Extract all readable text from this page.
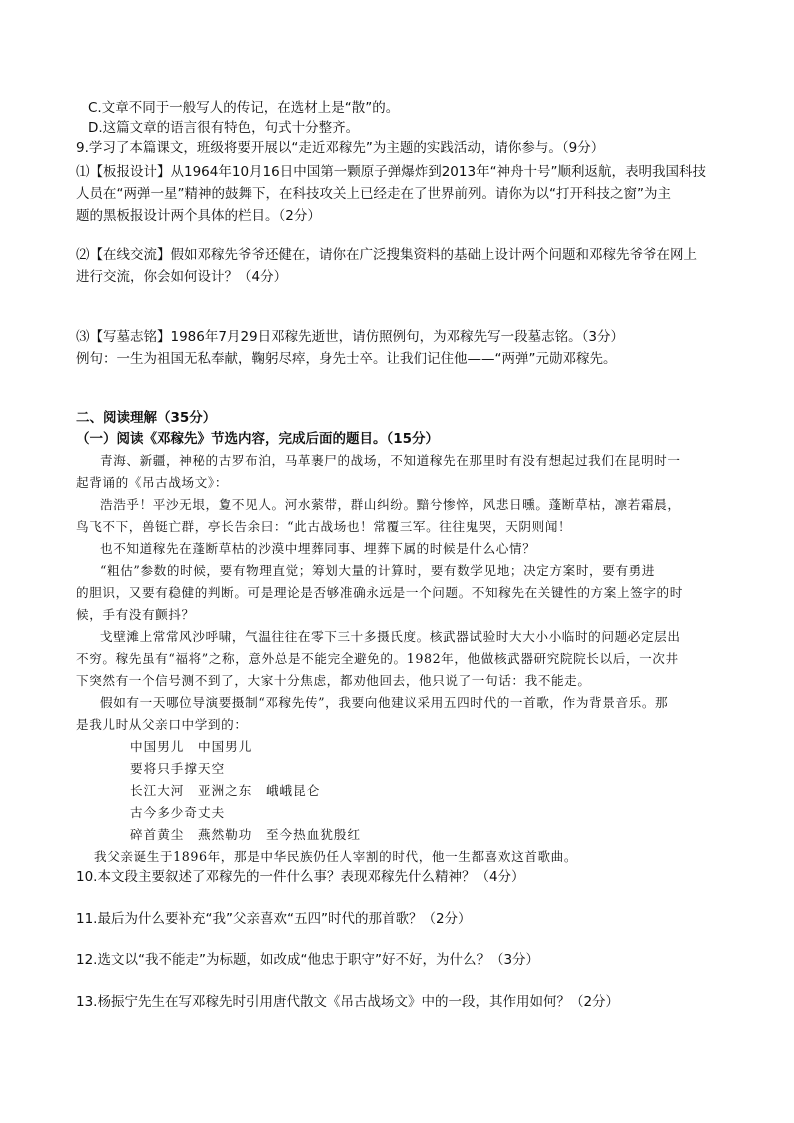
C.文章不同于一般写人的传记，在选材上是“散”的。
D.这篇文章的语言很有特色，句式十分整齐。
9.学习了本篇课文，班级将要开展以“走近邓稼先”为主题的实践活动，请你参与。（9分）
⑴【板报设计】从1964年10月16日中国第一颗原子弹爆炸到2013年“神舟十号”顺利返航，表明我国科技
人员在“两弹一星”精神的鼓舞下，在科技攻关上已经走在了世界前列。请你为以“打开科技之窗”为主
题的黑板报设计两个具体的栏目。（2分）
⑵【在线交流】假如邓稼先爷爷还健在，请你在广泛搜集资料的基础上设计两个问题和邓稼先爷爷在网上
进行交流，你会如何设计？（4分）
⑶【写墓志铭】1986年7月29日邓稼先逝世，请仿照例句，为邓稼先写一段墓志铭。（3分）
例句：一生为祖国无私奉献，鞠躬尽瘁，身先士卒。让我们记住他——“两弹”元勋邓稼先。
二、阅读理解（35分）
（一）阅读《邓稼先》节选内容，完成后面的题目。（15分）
青海、新疆，神秘的古罗布泊，马革裹尸的战场，不知道稼先在那里时有没有想起过我们在昆明时一
起背诵的《吊古战场文》：
浩浩乎！平沙无垠，夐不见人。河水萦带，群山纠纷。黯兮惨悴，风悲日曛。蓬断草枯，凛若霜晨，
鸟飞不下，兽铤亡群，亭长告余曰：“此古战场也！常覆三军。往往鬼哭，天阴则闻！
也不知道稼先在蓬断草枯的沙漠中埋葬同事、埋葬下属的时候是什么心情？
“粗估”参数的时候，要有物理直觉；筹划大量的计算时，要有数学见地；决定方案时，要有勇进
的胆识，又要有稳健的判断。可是理论是否够准确永远是一个问题。不知稼先在关键性的方案上签字的时
候，手有没有颤抖？
戈壁滩上常常风沙呼啸，气温往往在零下三十多摄氏度。核武器试验时大大小小临时的问题必定层出
不穷。稼先虽有“福将”之称，意外总是不能完全避免的。1982年，他做核武器研究院院长以后，一次井
下突然有一个信号测不到了，大家十分焦虑，都劝他回去，他只说了一句话：我不能走。
假如有一天哪位导演要摄制“邓稼先传”，我要向他建议采用五四时代的一首歌，作为背景音乐。那
是我儿时从父亲口中学到的：
中国男儿　中国男儿
要将只手撑天空
长江大河　亚洲之东　峨峨昆仑
古今多少奇丈夫
碎首黄尘　燕然勒功　至今热血犹殷红
我父亲诞生于1896年，那是中华民族仍任人宰割的时代，他一生都喜欢这首歌曲。
10.本文段主要叙述了邓稼先的一件什么事？表现邓稼先什么精神？（4分）
11.最后为什么要补充“我”父亲喜欢“五四”时代的那首歌？（2分）
12.选文以“我不能走”为标题，如改成“他忠于职守”好不好，为什么？（3分）
13.杨振宁先生在写邓稼先时引用唐代散文《吊古战场文》中的一段，其作用如何？（2分）
